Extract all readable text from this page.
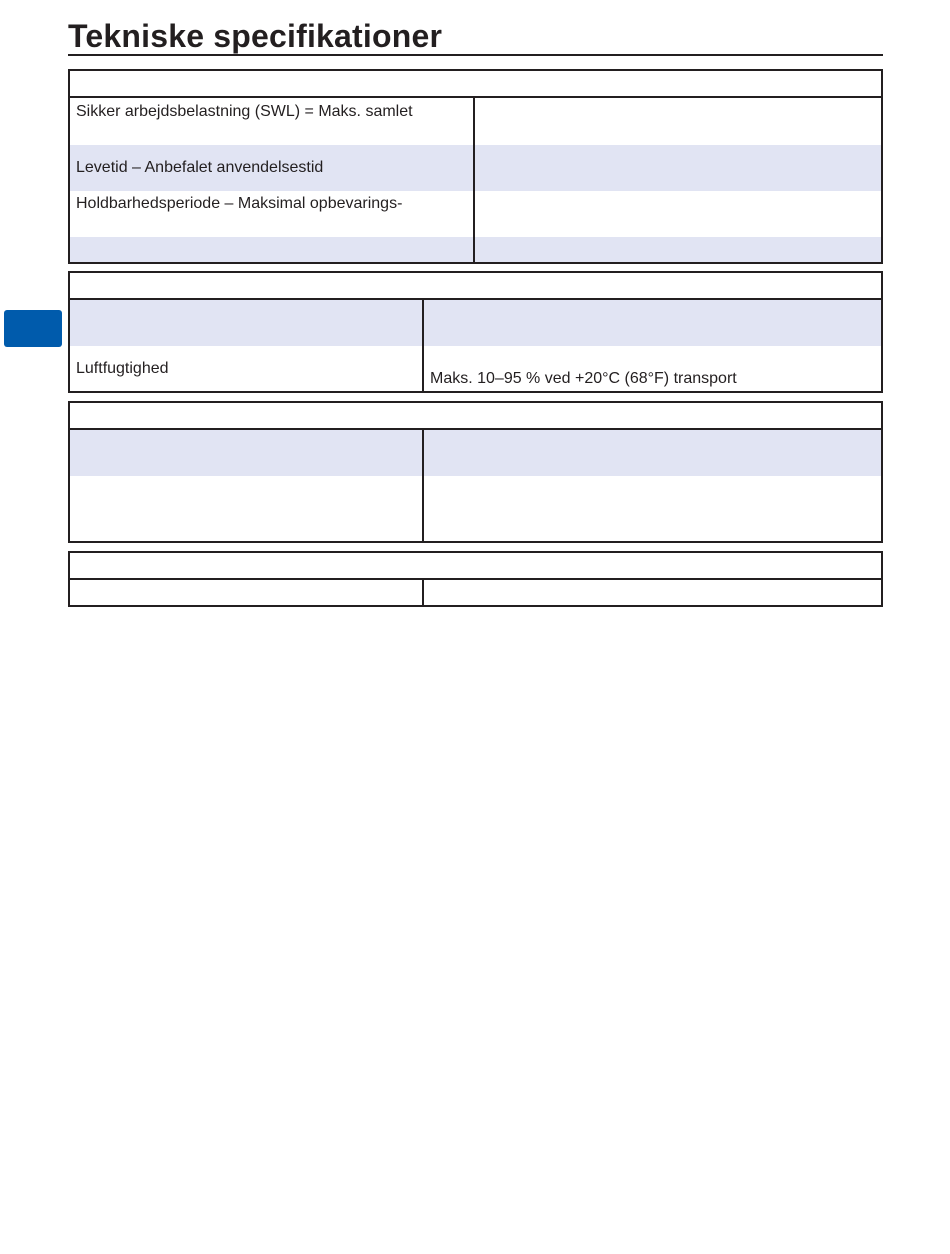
Tekniske specifikationer
Sikker arbejdsbelastning (SWL) = Maks. samlet
Levetid – Anbefalet anvendelsestid
Holdbarhedsperiode – Maksimal opbevarings-
Luftfugtighed
Maks. 10–95 % ved +20°C (68°F) transport
